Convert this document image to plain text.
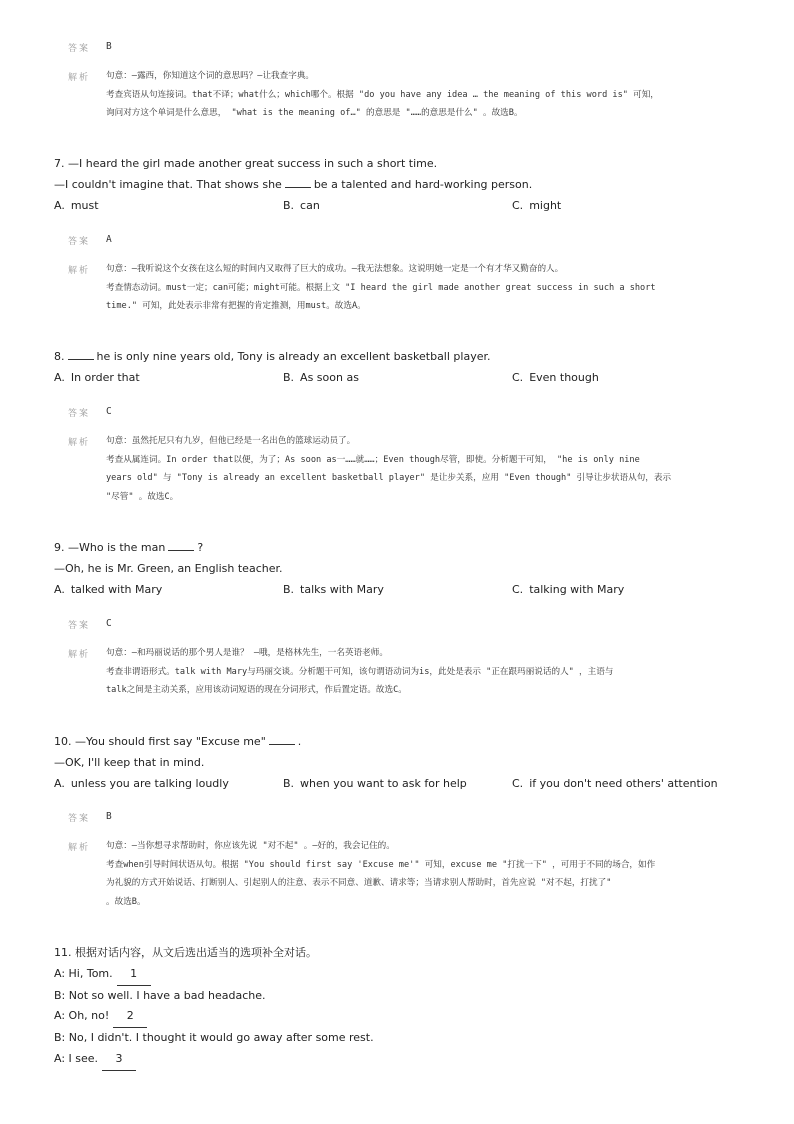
答案	B
解析	句意：—露西，你知道这个词的意思吗？—让我查字典。
考查宾语从句连接词。that不译；what什么；which哪个。根据 "do you have any idea … the meaning of this word is" 可知，
询问对方这个单词是什么意思， "what is the meaning of…" 的意思是 "……的意思是什么" 。故选B。
7. —I heard the girl made another great success in such a short time.
—I couldn't imagine that. That shows she	be a talented and hard-working person.
A. must	B. can	C. might
答案	A
解析	句意：—我听说这个女孩在这么短的时间内又取得了巨大的成功。—我无法想象。这说明她一定是一个有才华又勤奋的人。
考查情态动词。must一定；can可能；might可能。根据上文 "I heard the girl made another great success in such a short
time." 可知，此处表示非常有把握的肯定推测，用must。故选A。
8.	he is only nine years old, Tony is already an excellent basketball player.
A. In order that	B. As soon as	C. Even though
答案	C
解析	句意：虽然托尼只有九岁，但他已经是一名出色的篮球运动员了。
考查从属连词。In order that以便，为了；As soon as一……就……；Even though尽管，即使。分析题干可知， "he is only nine
years old" 与 "Tony is already an excellent basketball player" 是让步关系，应用 "Even though" 引导让步状语从句，表示
"尽管" 。故选C。
9. —Who is the man	?
—Oh, he is Mr. Green, an English teacher.
A. talked with Mary	B. talks with Mary	C. talking with Mary
答案	C
解析	句意：—和玛丽说话的那个男人是谁？ —哦，是格林先生，一名英语老师。
考查非谓语形式。talk with Mary与玛丽交谈。分析题干可知，该句谓语动词为is，此处是表示 "正在跟玛丽说话的人" ，主语与
talk之间是主动关系，应用该动词短语的现在分词形式，作后置定语。故选C。
10. —You should first say "Excuse me"	.
—OK, I'll keep that in mind.
A. unless you are talking loudly	B. when you want to ask for help	C. if you don't need others' attention
答案	B
解析	句意：—当你想寻求帮助时，你应该先说 "对不起" 。—好的，我会记住的。
考查when引导时间状语从句。根据 "You should first say 'Excuse me'" 可知，excuse me "打扰一下" ，可用于不同的场合，如作
为礼貌的方式开始说话、打断别人、引起别人的注意、表示不同意、道歉、请求等；当请求别人帮助时，首先应说 "对不起，打扰了"
。故选B。
11. 根据对话内容，从文后选出适当的选项补全对话。
A: Hi, Tom. 1
B: Not so well. I have a bad headache.
A: Oh, no! 2
B: No, I didn't. I thought it would go away after some rest.
A: I see. 3
